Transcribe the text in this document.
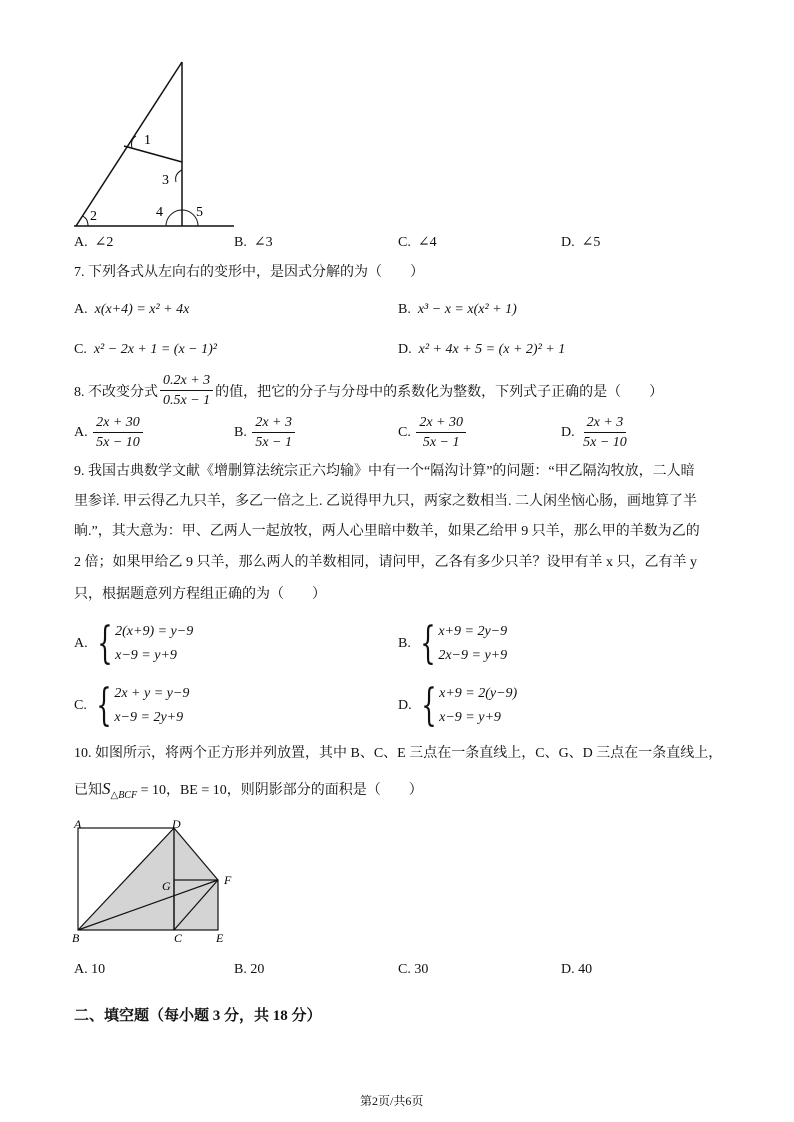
1
2
3
4 5
A. ∠2	B. ∠3	C. ∠4	D. ∠5
7. 下列各式从左向右的变形中，是因式分解的为（　　）
A. x(x+4) = x² + 4x	B. x³ − x = x(x² + 1)
C. x² − 2x + 1 = (x − 1)²	D. x² + 4x + 5 = (x + 2)² + 1
8. 不改变分式 $\frac{0.2x + 3}{0.5x - 1}$ 的值，把它的分子与分母中的系数化为整数，下列式子正确的是（　　）
A.
$\frac{2x + 30}{5x - 10}$	B.
$\frac{2x + 3}{5x - 1}$	C.
$\frac{2x + 30}{5x - 1}$	D.
$\frac{2x + 3}{5x - 10}$
9. 我国古典数学文献《增删算法统宗正六均输》中有一个“隔沟计算”的问题：“甲乙隔沟牧放，二人暗
里参详. 甲云得乙九只羊，多乙一倍之上. 乙说得甲九只，两家之数相当. 二人闲坐恼心肠，画地算了半
晌.”，其大意为：甲、乙两人一起放牧，两人心里暗中数羊，如果乙给甲 9 只羊，那么甲的羊数为乙的
2 倍；如果甲给乙 9 只羊，那么两人的羊数相同，请问甲，乙各有多少只羊？设甲有羊 x 只，乙有羊 y
只，根据题意列方程组正确的为（　　）
A.
{ 2(x+9) = y−9
x−9 = y+9
B.
{ x+9 = 2y−9
2x−9 = y+9
C.
{ 2x + y = y−9
x−9 = 2y+9
D.
{ x+9 = 2(y−9)
x−9 = y+9
10. 如图所示，将两个正方形并列放置，其中 B、C、E 三点在一条直线上，C、G、D 三点在一条直线上，
已知$S_{\triangle BCF} = 10$，BE = 10，则阴影部分的面积是（　　）
A	D
G	F
B	C	E
A. 10	B. 20	C. 30	D. 40
二、填空题（每小题 3 分，共 18 分）
第2页/共6页
